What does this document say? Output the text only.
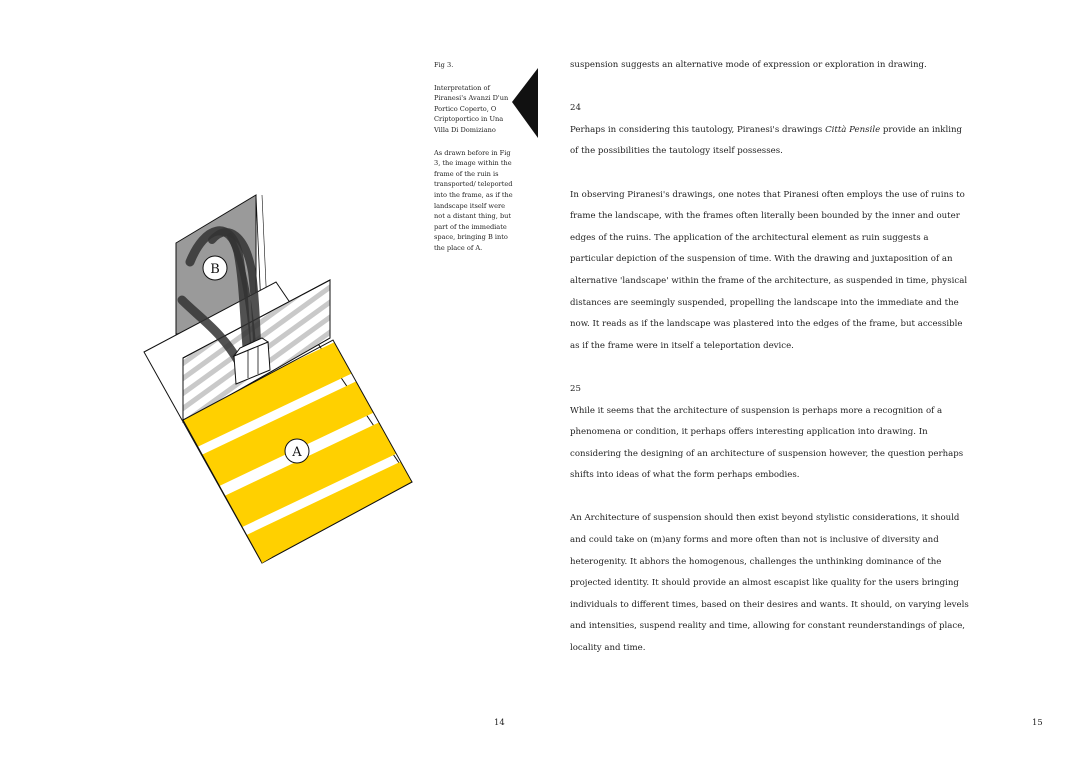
B
A

Fig 3.

Interpretation of Piranesi's Avanzi D'un Portico Coperto, O Criptoportico in Una Villa Di Domiziano

As drawn before in Fig 3, the image within the frame of the ruin is transported/ teleported into the frame, as if the landscape itself were not a distant thing, but part of the immediate space, bringing B into the place of A.

suspension suggests an alternative mode of expression or exploration in drawing.

24

Perhaps in considering this tautology, Piranesi's drawings Città Pensile provide an inkling of the possibilities the tautology itself possesses.

In observing Piranesi's drawings, one notes that Piranesi often employs the use of ruins to frame the landscape, with the frames often literally been bounded by the inner and outer edges of the ruins. The application of the architectural element as ruin suggests a particular depiction of the suspension of time. With the drawing and juxtaposition of an alternative 'landscape' within the frame of the architecture, as suspended in time, physical distances are seemingly suspended, propelling the landscape into the immediate and the now. It reads as if the landscape was plastered into the edges of the frame, but accessible as if the frame were in itself a teleportation device.

25

While it seems that the architecture of suspension is perhaps more a recognition of a phenomena or condition, it perhaps offers interesting application into drawing. In considering the designing of an architecture of suspension however, the question perhaps shifts into ideas of what the form perhaps embodies.

An Architecture of suspension should then exist beyond stylistic considerations, it should and could take on (m)any forms and more often than not is inclusive of diversity and heterogenity. It abhors the homogenous, challenges the unthinking dominance of the projected identity. It should provide an almost escapist like quality for the users bringing individuals to different times, based on their desires and wants. It should, on varying levels and intensities, suspend reality and time, allowing for constant reunderstandings of place, locality and time.

14	15
